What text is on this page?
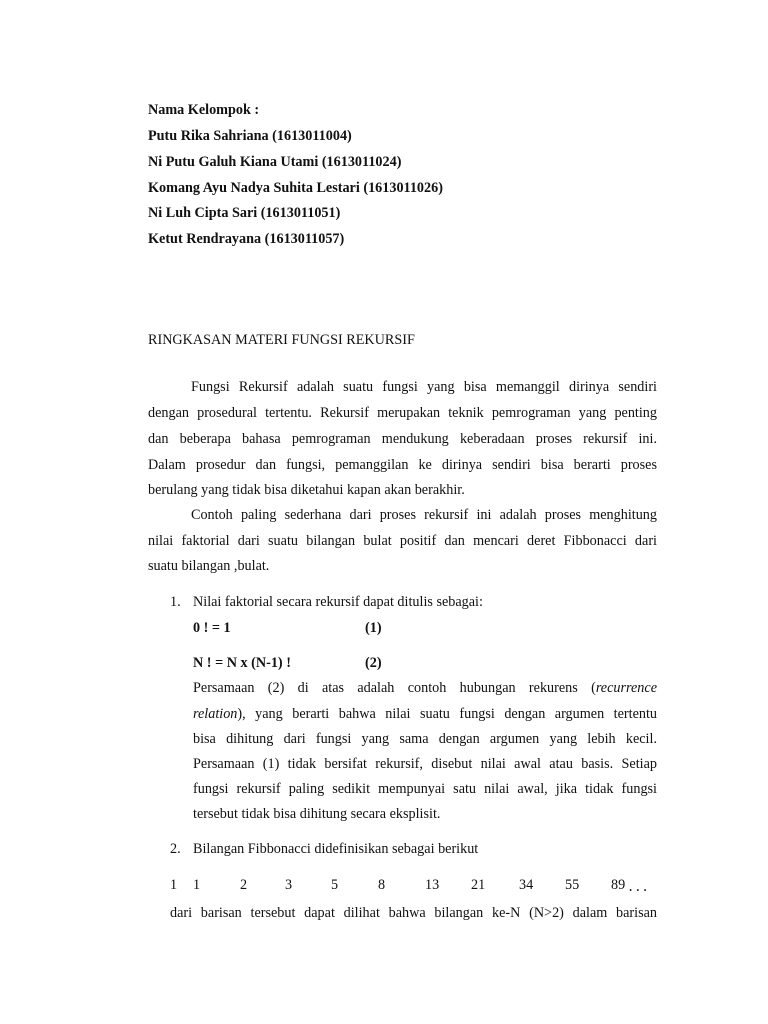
Nama Kelompok :
Putu Rika Sahriana (1613011004)
Ni Putu Galuh Kiana Utami (1613011024)
Komang Ayu Nadya Suhita Lestari (1613011026)
Ni Luh Cipta Sari (1613011051)
Ketut Rendrayana (1613011057)
RINGKASAN MATERI FUNGSI REKURSIF
Fungsi Rekursif adalah suatu fungsi yang bisa memanggil dirinya sendiri
dengan prosedural tertentu. Rekursif merupakan teknik pemrograman yang penting
dan beberapa bahasa pemrograman mendukung keberadaan proses rekursif ini.
Dalam prosedur dan fungsi, pemanggilan ke dirinya sendiri bisa berarti proses
berulang yang tidak bisa diketahui kapan akan berakhir.
Contoh paling sederhana dari proses rekursif ini adalah proses menghitung
nilai faktorial dari suatu bilangan bulat positif dan mencari deret Fibbonacci dari
suatu bilangan ,bulat.
1. Nilai faktorial secara rekursif dapat ditulis sebagai:
0 ! = 1	(1)
N ! = N x (N-1) !	(2)
Persamaan (2) di atas adalah contoh hubungan rekurens (recurrence
relation), yang berarti bahwa nilai suatu fungsi dengan argumen tertentu
bisa dihitung dari fungsi yang sama dengan argumen yang lebih kecil.
Persamaan (1) tidak bersifat rekursif, disebut nilai awal atau basis. Setiap
fungsi rekursif paling sedikit mempunyai satu nilai awal, jika tidak fungsi
tersebut tidak bisa dihitung secara eksplisit.
2. Bilangan Fibbonacci didefinisikan sebagai berikut
1 1	2	3	5	8	13 21 34 55 89 ...
dari barisan tersebut dapat dilihat bahwa bilangan ke-N (N>2) dalam barisan
